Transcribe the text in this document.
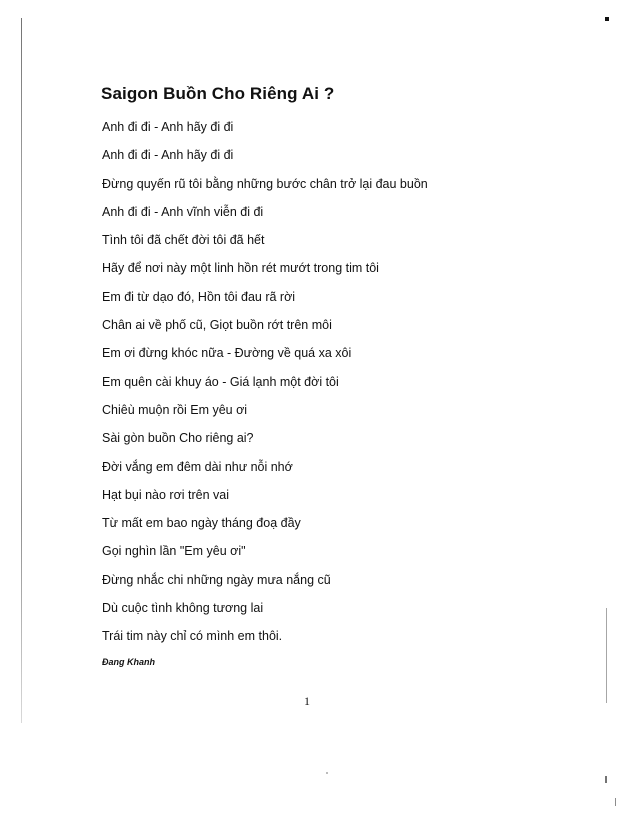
Saigon Buồn Cho Riêng Ai ?
Anh đi đi - Anh hãy đi đi
Anh đi đi - Anh hãy đi đi
Đừng quyến rũ tôi bằng những bước chân trở lại đau buồn
Anh đi đi - Anh vĩnh viễn đi đi
Tình tôi đã chết đời tôi đã hết
Hãy để nơi này một linh hồn rét mướt trong tim tôi
Em đi từ dạo đó, Hồn tôi đau rã rời
Chân ai về phố cũ, Giọt buồn rớt trên môi
Em ơi đừng khóc nữa - Đường về quá xa xôi
Em quên cài khuy áo - Giá lạnh một đời tôi
Chiêù muộn rồi Em yêu ơi
Sài gòn buồn Cho riêng ai?
Đời vắng em đêm dài như nỗi nhớ
Hạt bụi nào rơi trên vai
Từ mất em bao ngày tháng đoạ đầy
Gọi nghìn lần "Em yêu ơi"
Đừng nhắc chi những ngày mưa nắng cũ
Dù cuộc tình không tương lai
Trái tim này chỉ có mình em thôi.
Đang Khanh
1
